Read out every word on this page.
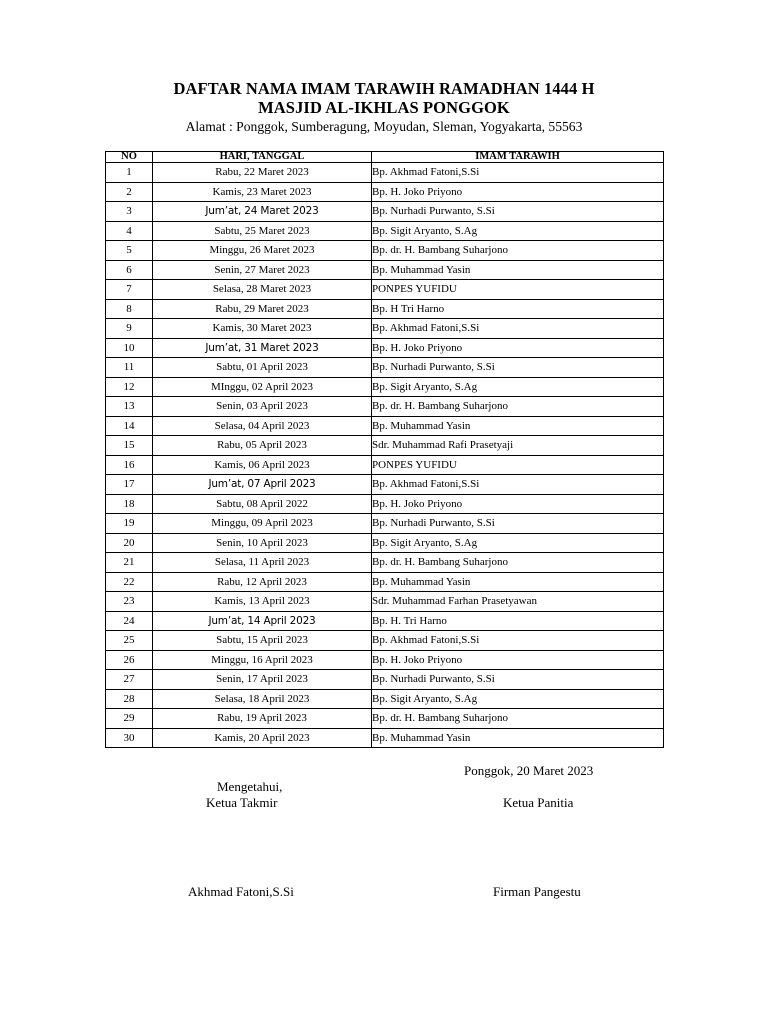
DAFTAR NAMA IMAM TARAWIH RAMADHAN 1444 H
MASJID AL-IKHLAS PONGGOK
Alamat : Ponggok, Sumberagung, Moyudan, Sleman, Yogyakarta, 55563
NO	HARI, TANGGAL	IMAM TARAWIH
1	Rabu, 22 Maret 2023	Bp. Akhmad Fatoni,S.Si
2	Kamis, 23 Maret 2023	Bp. H. Joko Priyono
3	Jum’at, 24 Maret 2023	Bp. Nurhadi Purwanto, S.Si
4	Sabtu, 25 Maret 2023	Bp. Sigit Aryanto, S.Ag
5	Minggu, 26 Maret 2023	Bp. dr. H. Bambang Suharjono
6	Senin, 27 Maret 2023	Bp. Muhammad Yasin
7	Selasa, 28 Maret 2023	PONPES YUFIDU
8	Rabu, 29 Maret 2023	Bp. H Tri Harno
9	Kamis, 30 Maret 2023	Bp. Akhmad Fatoni,S.Si
10	Jum’at, 31 Maret 2023	Bp. H. Joko Priyono
11	Sabtu, 01 April 2023	Bp. Nurhadi Purwanto, S.Si
12	MInggu, 02 April 2023	Bp. Sigit Aryanto, S.Ag
13	Senin, 03 April 2023	Bp. dr. H. Bambang Suharjono
14	Selasa, 04 April 2023	Bp. Muhammad Yasin
15	Rabu, 05 April 2023	Sdr. Muhammad Rafi Prasetyaji
16	Kamis, 06 April 2023	PONPES YUFIDU
17	Jum’at, 07 April 2023	Bp. Akhmad Fatoni,S.Si
18	Sabtu, 08 April 2022	Bp. H. Joko Priyono
19	Minggu, 09 April 2023	Bp. Nurhadi Purwanto, S.Si
20	Senin, 10 April 2023	Bp. Sigit Aryanto, S.Ag
21	Selasa, 11 April 2023	Bp. dr. H. Bambang Suharjono
22	Rabu, 12 April 2023	Bp. Muhammad Yasin
23	Kamis, 13 April 2023	Sdr. Muhammad Farhan Prasetyawan
24	Jum’at, 14 April 2023	Bp. H. Tri Harno
25	Sabtu, 15 April 2023	Bp. Akhmad Fatoni,S.Si
26	Minggu, 16 April 2023	Bp. H. Joko Priyono
27	Senin, 17 April 2023	Bp. Nurhadi Purwanto, S.Si
28	Selasa, 18 April 2023	Bp. Sigit Aryanto, S.Ag
29	Rabu, 19 April 2023	Bp. dr. H. Bambang Suharjono
30	Kamis, 20 April 2023	Bp. Muhammad Yasin
Ponggok, 20 Maret 2023
Mengetahui,
Ketua Takmir	Ketua Panitia
Akhmad Fatoni,S.Si	Firman Pangestu
